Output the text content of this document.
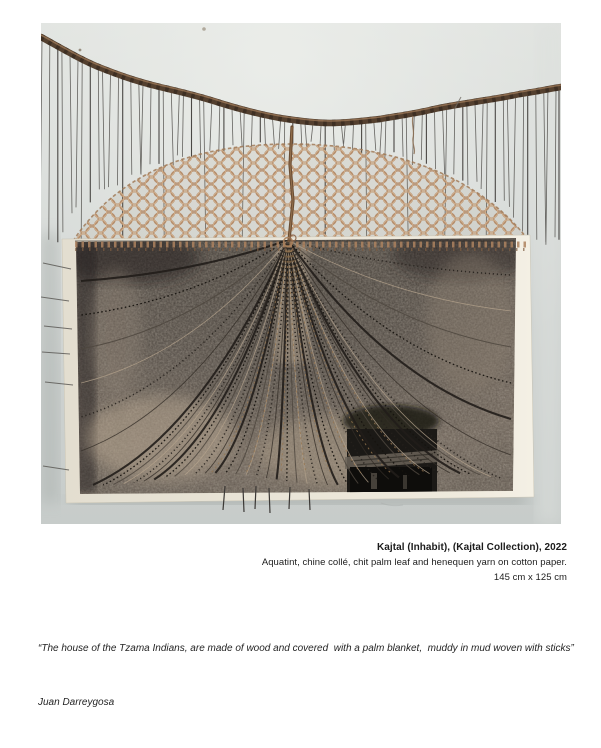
Kajtal (Inhabit), (Kajtal Collection), 2022
Aquatint, chine collé, chit palm leaf and henequen yarn on cotton paper.
145 cm x 125 cm

“The house of the Tzama Indians, are made of wood and covered  with a palm blanket,  muddy in mud woven with sticks”

Juan Darreygosa
